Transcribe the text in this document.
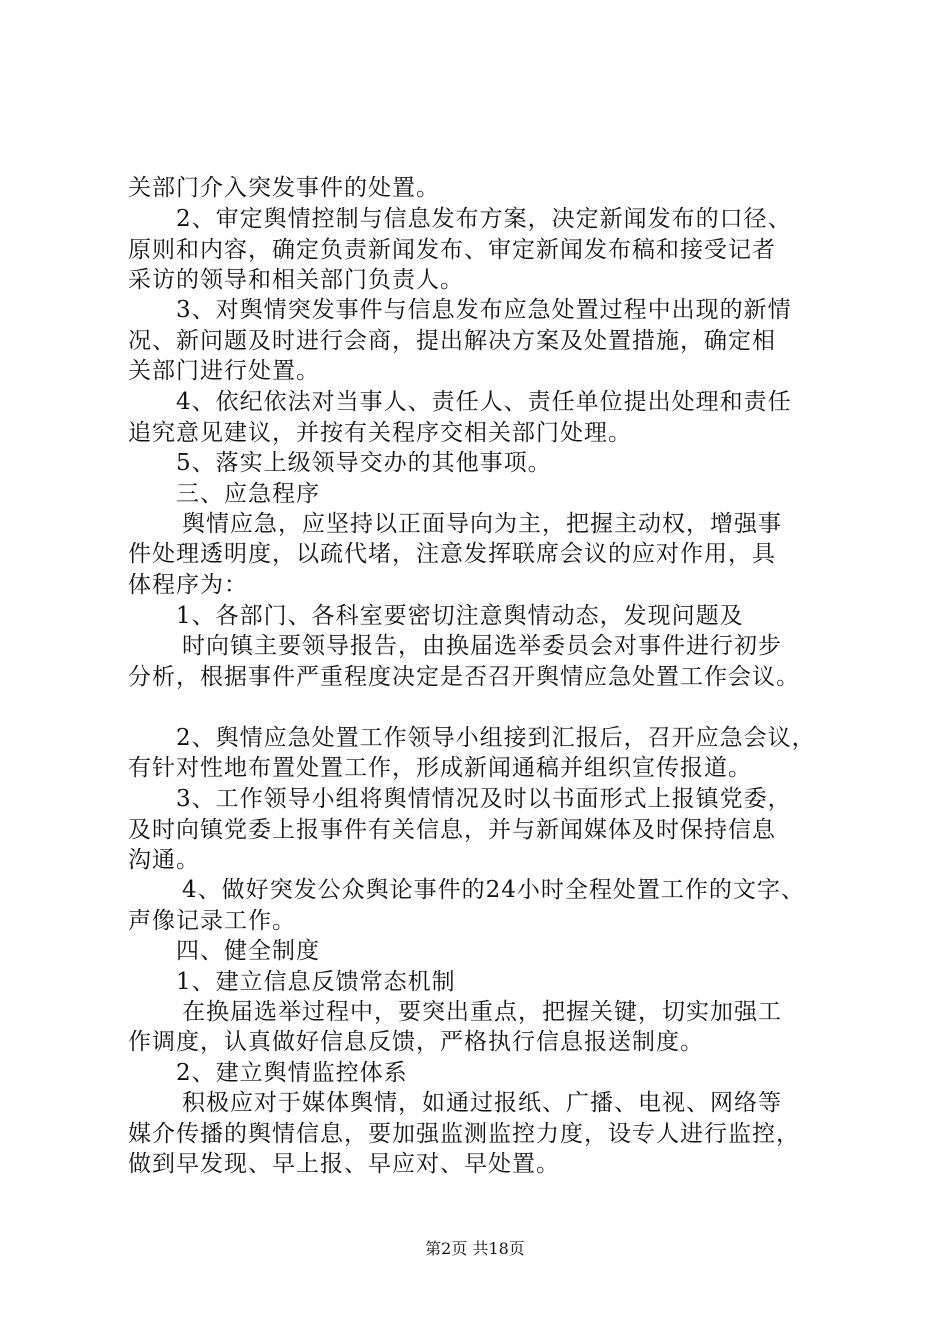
关部门介入突发事件的处置。
2、审定舆情控制与信息发布方案，决定新闻发布的口径、
原则和内容，确定负责新闻发布、审定新闻发布稿和接受记者
采访的领导和相关部门负责人。
3、对舆情突发事件与信息发布应急处置过程中出现的新情
况、新问题及时进行会商，提出解决方案及处置措施，确定相
关部门进行处置。
4、依纪依法对当事人、责任人、责任单位提出处理和责任
追究意见建议，并按有关程序交相关部门处理。
5、落实上级领导交办的其他事项。
三、应急程序
舆情应急，应坚持以正面导向为主，把握主动权，增强事
件处理透明度，以疏代堵，注意发挥联席会议的应对作用，具
体程序为：
1、各部门、各科室要密切注意舆情动态，发现问题及
时向镇主要领导报告，由换届选举委员会对事件进行初步
分析，根据事件严重程度决定是否召开舆情应急处置工作会议。
2、舆情应急处置工作领导小组接到汇报后，召开应急会议，
有针对性地布置处置工作，形成新闻通稿并组织宣传报道。
3、工作领导小组将舆情情况及时以书面形式上报镇党委，
及时向镇党委上报事件有关信息，并与新闻媒体及时保持信息
沟通。
4、做好突发公众舆论事件的24小时全程处置工作的文字、
声像记录工作。
四、健全制度
1、建立信息反馈常态机制
在换届选举过程中，要突出重点，把握关键，切实加强工
作调度，认真做好信息反馈，严格执行信息报送制度。
2、建立舆情监控体系
积极应对于媒体舆情，如通过报纸、广播、电视、网络等
媒介传播的舆情信息，要加强监测监控力度，设专人进行监控，
做到早发现、早上报、早应对、早处置。
第2页 共18页
